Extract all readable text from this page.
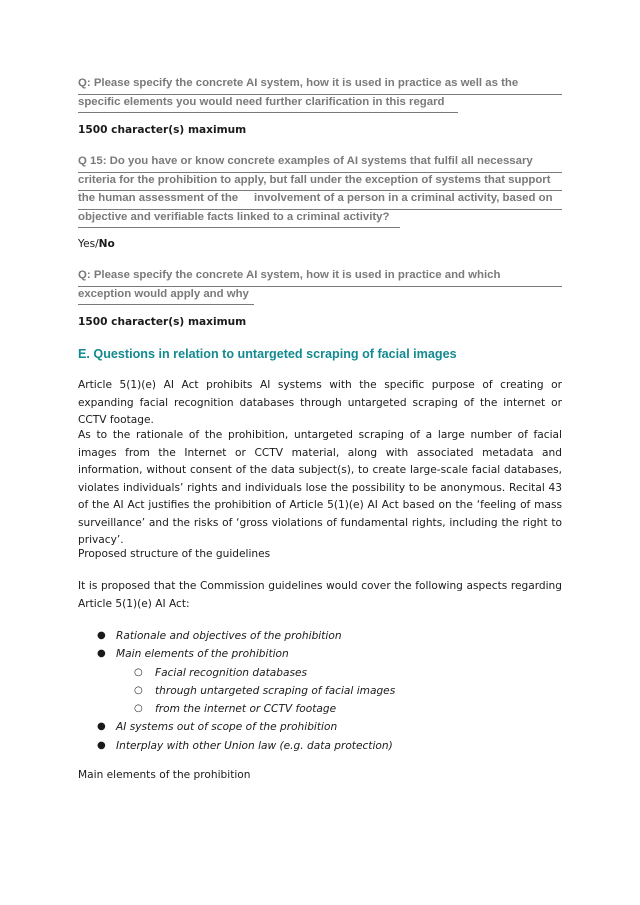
Q: Please specify the concrete AI system, how it is used in practice as well as the
specific elements you would need further clarification in this regard
1500 character(s) maximum
Q 15: Do you have or know concrete examples of AI systems that fulfil all necessary
criteria for the prohibition to apply, but fall under the exception of systems that support
the human assessment of the     involvement of a person in a criminal activity, based on
objective and verifiable facts linked to a criminal activity?
Yes/No
Q: Please specify the concrete AI system, how it is used in practice and which
exception would apply and why
1500 character(s) maximum
E. Questions in relation to untargeted scraping of facial images
Article 5(1)(e) AI Act prohibits AI systems with the specific purpose of creating or expanding facial recognition databases through untargeted scraping of the internet or CCTV footage.
As to the rationale of the prohibition, untargeted scraping of a large number of facial images from the Internet or CCTV material, along with associated metadata and information, without consent of the data subject(s), to create large-scale facial databases, violates individuals’ rights and individuals lose the possibility to be anonymous. Recital 43 of the AI Act justifies the prohibition of Article 5(1)(e) AI Act based on the ‘feeling of mass surveillance’ and the risks of ‘gross violations of fundamental rights, including the right to privacy’.
Proposed structure of the guidelines
It is proposed that the Commission guidelines would cover the following aspects regarding Article 5(1)(e) AI Act:
● Rationale and objectives of the prohibition
● Main elements of the prohibition
○ Facial recognition databases
○ through untargeted scraping of facial images
○ from the internet or CCTV footage
● AI systems out of scope of the prohibition
● Interplay with other Union law (e.g. data protection)
Main elements of the prohibition
